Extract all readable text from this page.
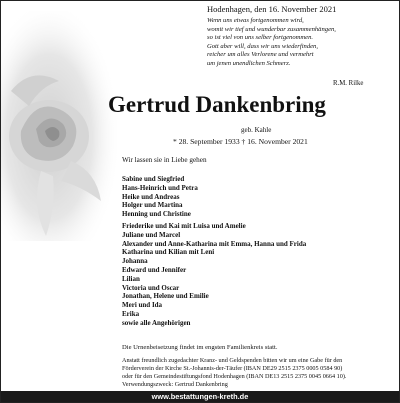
Hodenhagen, den 16. November 2021
Wenn uns etwas fortgenommen wird,
womit wir tief und wunderbar zusammenhängen,
so ist viel von uns selber fortgenommen.
Gott aber will, dass wir uns wiederfinden,
reicher um alles Verlorene und vermehrt
um jenen unendlichen Schmerz.
R.M. Rilke
Gertrud Dankenbring
geb. Kahle
* 28. September 1933 † 16. November 2021
Wir lassen sie in Liebe gehen
Sabine und Siegfried
Hans-Heinrich und Petra
Heike und Andreas
Holger und Martina
Henning und Christine
Friederike und Kai mit Luisa und Amelie
Juliane und Marcel
Alexander und Anne-Katharina mit Emma, Hanna und Frida
Katharina und Kilian mit Leni
Johanna
Edward und Jennifer
Lilian
Victoria und Oscar
Jonathan, Helene und Emilie
Meri und Ida
Erika
sowie alle Angehörigen
Die Urnenbeisetzung findet im engsten Familienkreis statt.
Anstatt freundlich zugedachter Kranz- und Geldspenden bitten wir um eine Gabe für den
Förderverein der Kirche St.-Johannis-der-Täufer (IBAN DE29 2515 2375 0005 0584 90)
oder für den Gemeindestiftungsfond Hodenhagen (IBAN DE13 2515 2375 0045 0664 10).
Verwendungszweck: Gertrud Dankenbring
www.bestattungen-kreth.de
